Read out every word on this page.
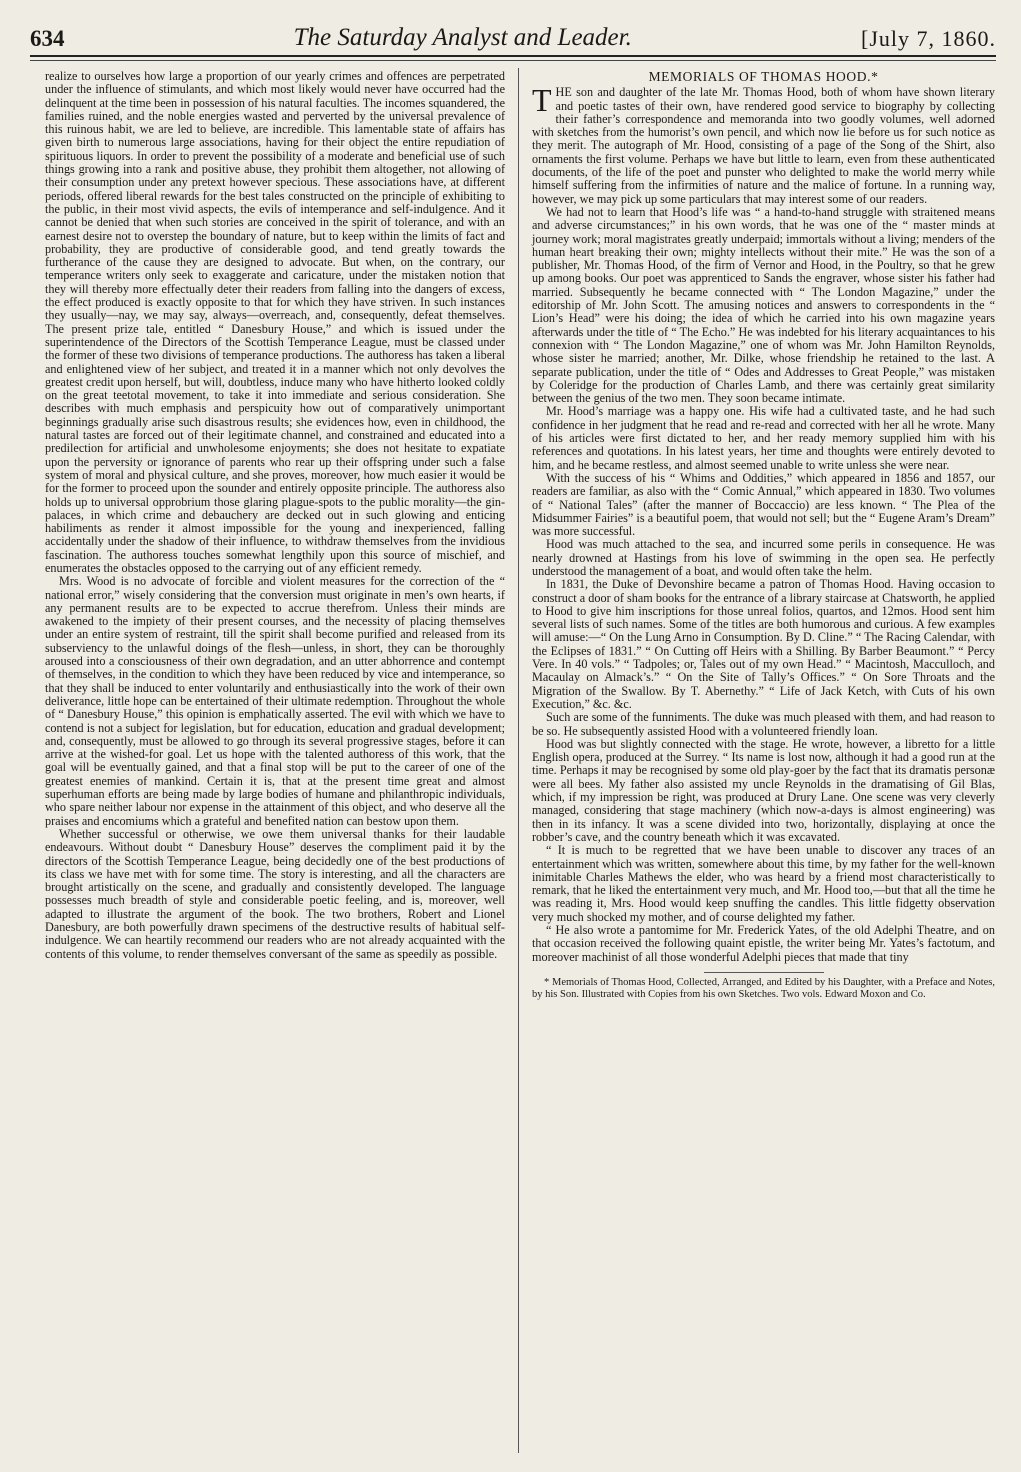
634	The Saturday Analyst and Leader.	[July 7, 1860.

realize to ourselves how large a proportion of our yearly crimes and offences are perpetrated under the influence of stimulants, and which most likely would never have occurred had the delinquent at the time been in possession of his natural faculties. The incomes squandered, the families ruined, and the noble energies wasted and perverted by the universal prevalence of this ruinous habit, we are led to believe, are incredible. This lamentable state of affairs has given birth to numerous large associations, having for their object the entire repudiation of spirituous liquors. In order to prevent the possibility of a moderate and beneficial use of such things growing into a rank and positive abuse, they prohibit them altogether, not allowing of their consumption under any pretext however specious. These associations have, at different periods, offered liberal rewards for the best tales constructed on the principle of exhibiting to the public, in their most vivid aspects, the evils of intemperance and self-indulgence. And it cannot be denied that when such stories are conceived in the spirit of tolerance, and with an earnest desire not to overstep the boundary of nature, but to keep within the limits of fact and probability, they are productive of considerable good, and tend greatly towards the furtherance of the cause they are designed to advocate. But when, on the contrary, our temperance writers only seek to exaggerate and caricature, under the mistaken notion that they will thereby more effectually deter their readers from falling into the dangers of excess, the effect produced is exactly opposite to that for which they have striven. In such instances they usually—nay, we may say, always—overreach, and, consequently, defeat themselves. The present prize tale, entitled “ Danesbury House,” and which is issued under the superintendence of the Directors of the Scottish Temperance League, must be classed under the former of these two divisions of temperance productions. The authoress has taken a liberal and enlightened view of her subject, and treated it in a manner which not only devolves the greatest credit upon herself, but will, doubtless, induce many who have hitherto looked coldly on the great teetotal movement, to take it into immediate and serious consideration. She describes with much emphasis and perspicuity how out of comparatively unimportant beginnings gradually arise such disastrous results; she evidences how, even in childhood, the natural tastes are forced out of their legitimate channel, and constrained and educated into a predilection for artificial and unwholesome enjoyments; she does not hesitate to expatiate upon the perversity or ignorance of parents who rear up their offspring under such a false system of moral and physical culture, and she proves, moreover, how much easier it would be for the former to proceed upon the sounder and entirely opposite principle. The authoress also holds up to universal opprobrium those glaring plague-spots to the public morality—the gin-palaces, in which crime and debauchery are decked out in such glowing and enticing habiliments as render it almost impossible for the young and inexperienced, falling accidentally under the shadow of their influence, to withdraw themselves from the invidious fascination. The authoress touches somewhat lengthily upon this source of mischief, and enumerates the obstacles opposed to the carrying out of any efficient remedy.

Mrs. Wood is no advocate of forcible and violent measures for the correction of the “ national error,” wisely considering that the conversion must originate in men’s own hearts, if any permanent results are to be expected to accrue therefrom. Unless their minds are awakened to the impiety of their present courses, and the necessity of placing themselves under an entire system of restraint, till the spirit shall become purified and released from its subserviency to the unlawful doings of the flesh—unless, in short, they can be thoroughly aroused into a consciousness of their own degradation, and an utter abhorrence and contempt of themselves, in the condition to which they have been reduced by vice and intemperance, so that they shall be induced to enter voluntarily and enthusiastically into the work of their own deliverance, little hope can be entertained of their ultimate redemption. Throughout the whole of “ Danesbury House,” this opinion is emphatically asserted. The evil with which we have to contend is not a subject for legislation, but for education, education and gradual development; and, consequently, must be allowed to go through its several progressive stages, before it can arrive at the wished-for goal. Let us hope with the talented authoress of this work, that the goal will be eventually gained, and that a final stop will be put to the career of one of the greatest enemies of mankind. Certain it is, that at the present time great and almost superhuman efforts are being made by large bodies of humane and philanthropic individuals, who spare neither labour nor expense in the attainment of this object, and who deserve all the praises and encomiums which a grateful and benefited nation can bestow upon them.

Whether successful or otherwise, we owe them universal thanks for their laudable endeavours. Without doubt “ Danesbury House” deserves the compliment paid it by the directors of the Scottish Temperance League, being decidedly one of the best productions of its class we have met with for some time. The story is interesting, and all the characters are brought artistically on the scene, and gradually and consistently developed. The language possesses much breadth of style and considerable poetic feeling, and is, moreover, well adapted to illustrate the argument of the book. The two brothers, Robert and Lionel Danesbury, are both powerfully drawn specimens of the destructive results of habitual self-indulgence. We can heartily recommend our readers who are not already acquainted with the contents of this volume, to render themselves conversant of the same as speedily as possible.

MEMORIALS OF THOMAS HOOD.*

THE son and daughter of the late Mr. Thomas Hood, both of whom have shown literary and poetic tastes of their own, have rendered good service to biography by collecting their father’s correspondence and memoranda into two goodly volumes, well adorned with sketches from the humorist’s own pencil, and which now lie before us for such notice as they merit. The autograph of Mr. Hood, consisting of a page of the Song of the Shirt, also ornaments the first volume. Perhaps we have but little to learn, even from these authenticated documents, of the life of the poet and punster who delighted to make the world merry while himself suffering from the infirmities of nature and the malice of fortune. In a running way, however, we may pick up some particulars that may interest some of our readers.

We had not to learn that Hood’s life was “ a hand-to-hand struggle with straitened means and adverse circumstances;” in his own words, that he was one of the “ master minds at journey work; moral magistrates greatly underpaid; immortals without a living; menders of the human heart breaking their own; mighty intellects without their mite.” He was the son of a publisher, Mr. Thomas Hood, of the firm of Vernor and Hood, in the Poultry, so that he grew up among books. Our poet was apprenticed to Sands the engraver, whose sister his father had married. Subsequently he became connected with “ The London Magazine,” under the editorship of Mr. John Scott. The amusing notices and answers to correspondents in the “ Lion’s Head” were his doing; the idea of which he carried into his own magazine years afterwards under the title of “ The Echo.” He was indebted for his literary acquaintances to his connexion with “ The London Magazine,” one of whom was Mr. John Hamilton Reynolds, whose sister he married; another, Mr. Dilke, whose friendship he retained to the last. A separate publication, under the title of “ Odes and Addresses to Great People,” was mistaken by Coleridge for the production of Charles Lamb, and there was certainly great similarity between the genius of the two men. They soon became intimate.

Mr. Hood’s marriage was a happy one. His wife had a cultivated taste, and he had such confidence in her judgment that he read and re-read and corrected with her all he wrote. Many of his articles were first dictated to her, and her ready memory supplied him with his references and quotations. In his latest years, her time and thoughts were entirely devoted to him, and he became restless, and almost seemed unable to write unless she were near.

With the success of his “ Whims and Oddities,” which appeared in 1856 and 1857, our readers are familiar, as also with the “ Comic Annual,” which appeared in 1830. Two volumes of “ National Tales” (after the manner of Boccaccio) are less known. “ The Plea of the Midsummer Fairies” is a beautiful poem, that would not sell; but the “ Eugene Aram’s Dream” was more successful.

Hood was much attached to the sea, and incurred some perils in consequence. He was nearly drowned at Hastings from his love of swimming in the open sea. He perfectly understood the management of a boat, and would often take the helm.

In 1831, the Duke of Devonshire became a patron of Thomas Hood. Having occasion to construct a door of sham books for the entrance of a library staircase at Chatsworth, he applied to Hood to give him inscriptions for those unreal folios, quartos, and 12mos. Hood sent him several lists of such names. Some of the titles are both humorous and curious. A few examples will amuse:—“ On the Lung Arno in Consumption. By D. Cline.” “ The Racing Calendar, with the Eclipses of 1831.” “ On Cutting off Heirs with a Shilling. By Barber Beaumont.” “ Percy Vere. In 40 vols.” “ Tadpoles; or, Tales out of my own Head.” “ Macintosh, Macculloch, and Macaulay on Almack’s.” “ On the Site of Tally’s Offices.” “ On Sore Throats and the Migration of the Swallow. By T. Abernethy.” “ Life of Jack Ketch, with Cuts of his own Execution,” &c. &c.

Such are some of the funniments. The duke was much pleased with them, and had reason to be so. He subsequently assisted Hood with a volunteered friendly loan.

Hood was but slightly connected with the stage. He wrote, however, a libretto for a little English opera, produced at the Surrey. “ Its name is lost now, although it had a good run at the time. Perhaps it may be recognised by some old play-goer by the fact that its dramatis personæ were all bees. My father also assisted my uncle Reynolds in the dramatising of Gil Blas, which, if my impression be right, was produced at Drury Lane. One scene was very cleverly managed, considering that stage machinery (which now-a-days is almost engineering) was then in its infancy. It was a scene divided into two, horizontally, displaying at once the robber’s cave, and the country beneath which it was excavated.

“ It is much to be regretted that we have been unable to discover any traces of an entertainment which was written, somewhere about this time, by my father for the well-known inimitable Charles Mathews the elder, who was heard by a friend most characteristically to remark, that he liked the entertainment very much, and Mr. Hood too,—but that all the time he was reading it, Mrs. Hood would keep snuffing the candles. This little fidgetty observation very much shocked my mother, and of course delighted my father.

“ He also wrote a pantomime for Mr. Frederick Yates, of the old Adelphi Theatre, and on that occasion received the following quaint epistle, the writer being Mr. Yates’s factotum, and moreover machinist of all those wonderful Adelphi pieces that made that tiny

* Memorials of Thomas Hood, Collected, Arranged, and Edited by his Daughter, with a Preface and Notes, by his Son. Illustrated with Copies from his own Sketches. Two vols. Edward Moxon and Co.
